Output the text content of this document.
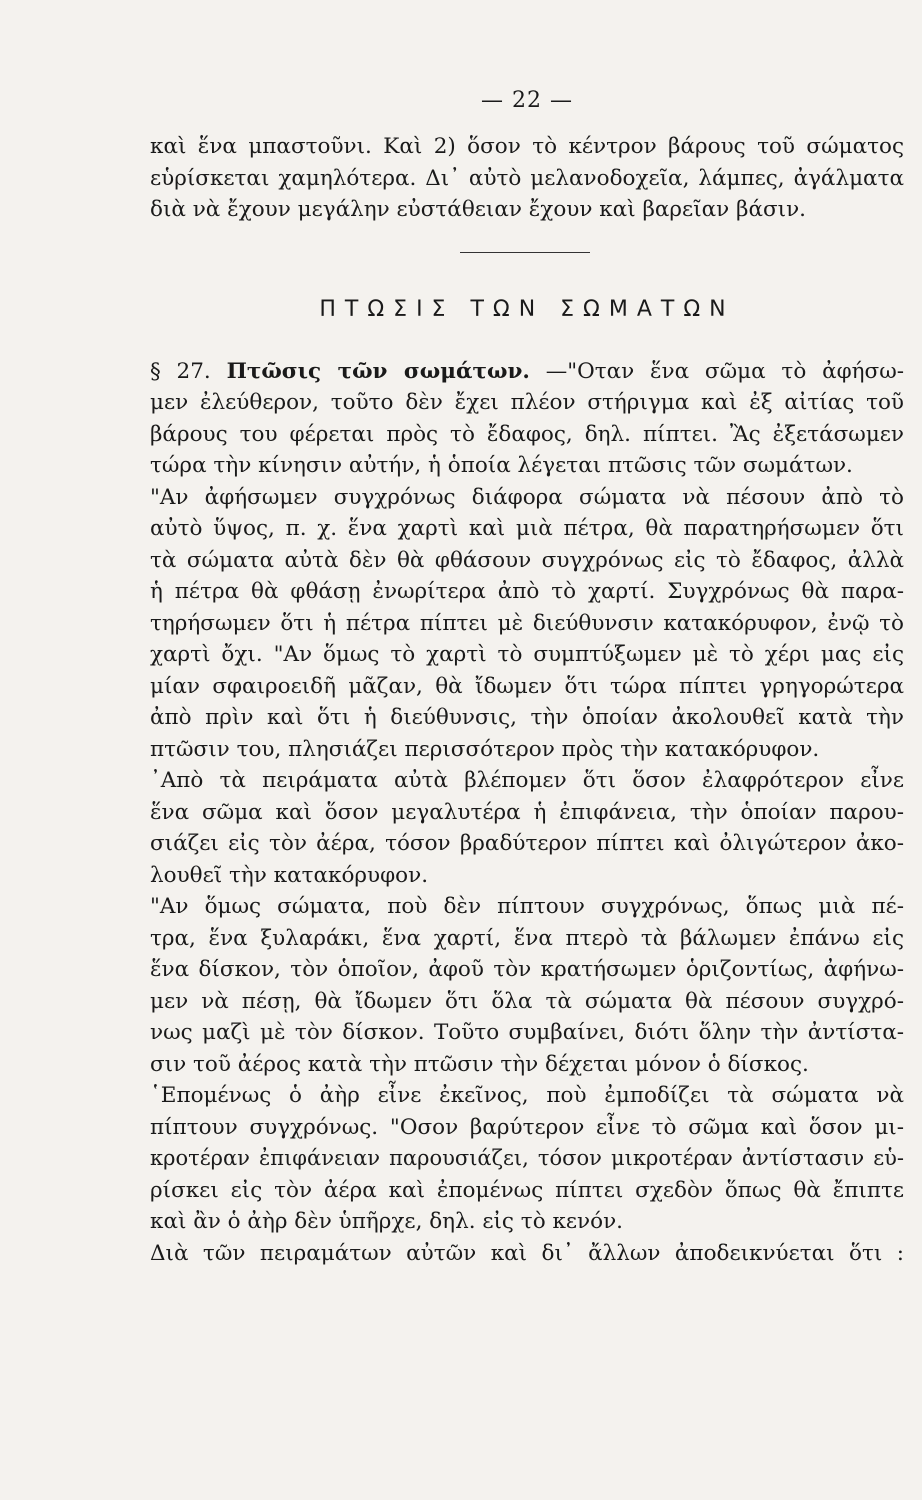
— 22 —
καὶ ἕνα μπαστοῦνι. Καὶ 2) ὅσον τὸ κέντρον βάρους τοῦ σώματος
εὑρίσκεται χαμηλότερα. Δι᾽ αὐτὸ μελανοδοχεῖα, λάμπες, ἀγάλματα
διὰ νὰ ἔχουν μεγάλην εὐστάθειαν ἔχουν καὶ βαρεῖαν βάσιν.
ΠΤΩΣΙΣ ΤΩΝ ΣΩΜΑΤΩΝ
§ 27. Πτῶσις τῶν σωμάτων. —"Οταν ἕνα σῶμα τὸ ἀφήσω-
μεν ἐλεύθερον, τοῦτο δὲν ἔχει πλέον στήριγμα καὶ ἐξ αἰτίας τοῦ
βάρους του φέρεται πρὸς τὸ ἔδαφος, δηλ. πίπτει. Ἂς ἐξετάσωμεν
τώρα τὴν κίνησιν αὐτήν, ἡ ὁποία λέγεται πτῶσις τῶν σωμάτων.
"Αν ἀφήσωμεν συγχρόνως διάφορα σώματα νὰ πέσουν ἀπὸ τὸ
αὐτὸ ὕψος, π. χ. ἕνα χαρτὶ καὶ μιὰ πέτρα, θὰ παρατηρήσωμεν ὅτι
τὰ σώματα αὐτὰ δὲν θὰ φθάσουν συγχρόνως εἰς τὸ ἔδαφος, ἀλλὰ
ἡ πέτρα θὰ φθάσῃ ἐνωρίτερα ἀπὸ τὸ χαρτί. Συγχρόνως θὰ παρα-
τηρήσωμεν ὅτι ἡ πέτρα πίπτει μὲ διεύθυνσιν κατακόρυφον, ἐνῷ τὸ
χαρτὶ ὄχι. "Αν ὅμως τὸ χαρτὶ τὸ συμπτύξωμεν μὲ τὸ χέρι μας εἰς
μίαν σφαιροειδῆ μᾶζαν, θὰ ἴδωμεν ὅτι τώρα πίπτει γρηγορώτερα
ἀπὸ πρὶν καὶ ὅτι ἡ διεύθυνσις, τὴν ὁποίαν ἀκολουθεῖ κατὰ τὴν
πτῶσιν του, πλησιάζει περισσότερον πρὸς τὴν κατακόρυφον.
᾽Απὸ τὰ πειράματα αὐτὰ βλέπομεν ὅτι ὅσον ἐλαφρότερον εἶνε
ἕνα σῶμα καὶ ὅσον μεγαλυτέρα ἡ ἐπιφάνεια, τὴν ὁποίαν παρου-
σιάζει εἰς τὸν ἀέρα, τόσον βραδύτερον πίπτει καὶ ὀλιγώτερον ἀκο-
λουθεῖ τὴν κατακόρυφον.
"Αν ὅμως σώματα, ποὺ δὲν πίπτουν συγχρόνως, ὅπως μιὰ πέ-
τρα, ἕνα ξυλαράκι, ἕνα χαρτί, ἕνα πτερὸ τὰ βάλωμεν ἐπάνω εἰς
ἕνα δίσκον, τὸν ὁποῖον, ἀφοῦ τὸν κρατήσωμεν ὁριζοντίως, ἀφήνω-
μεν νὰ πέσῃ, θὰ ἴδωμεν ὅτι ὅλα τὰ σώματα θὰ πέσουν συγχρό-
νως μαζὶ μὲ τὸν δίσκον. Τοῦτο συμβαίνει, διότι ὅλην τὴν ἀντίστα-
σιν τοῦ ἀέρος κατὰ τὴν πτῶσιν τὴν δέχεται μόνον ὁ δίσκος.
῾Επομένως ὁ ἀὴρ εἶνε ἐκεῖνος, ποὺ ἐμποδίζει τὰ σώματα νὰ
πίπτουν συγχρόνως. "Οσον βαρύτερον εἶνε τὸ σῶμα καὶ ὅσον μι-
κροτέραν ἐπιφάνειαν παρουσιάζει, τόσον μικροτέραν ἀντίστασιν εὑ-
ρίσκει εἰς τὸν ἀέρα καὶ ἐπομένως πίπτει σχεδὸν ὅπως θὰ ἔπιπτε
καὶ ἂν ὁ ἀὴρ δὲν ὑπῆρχε, δηλ. εἰς τὸ κενόν.
Διὰ τῶν πειραμάτων αὐτῶν καὶ δι᾽ ἄλλων ἀποδεικνύεται ὅτι :
